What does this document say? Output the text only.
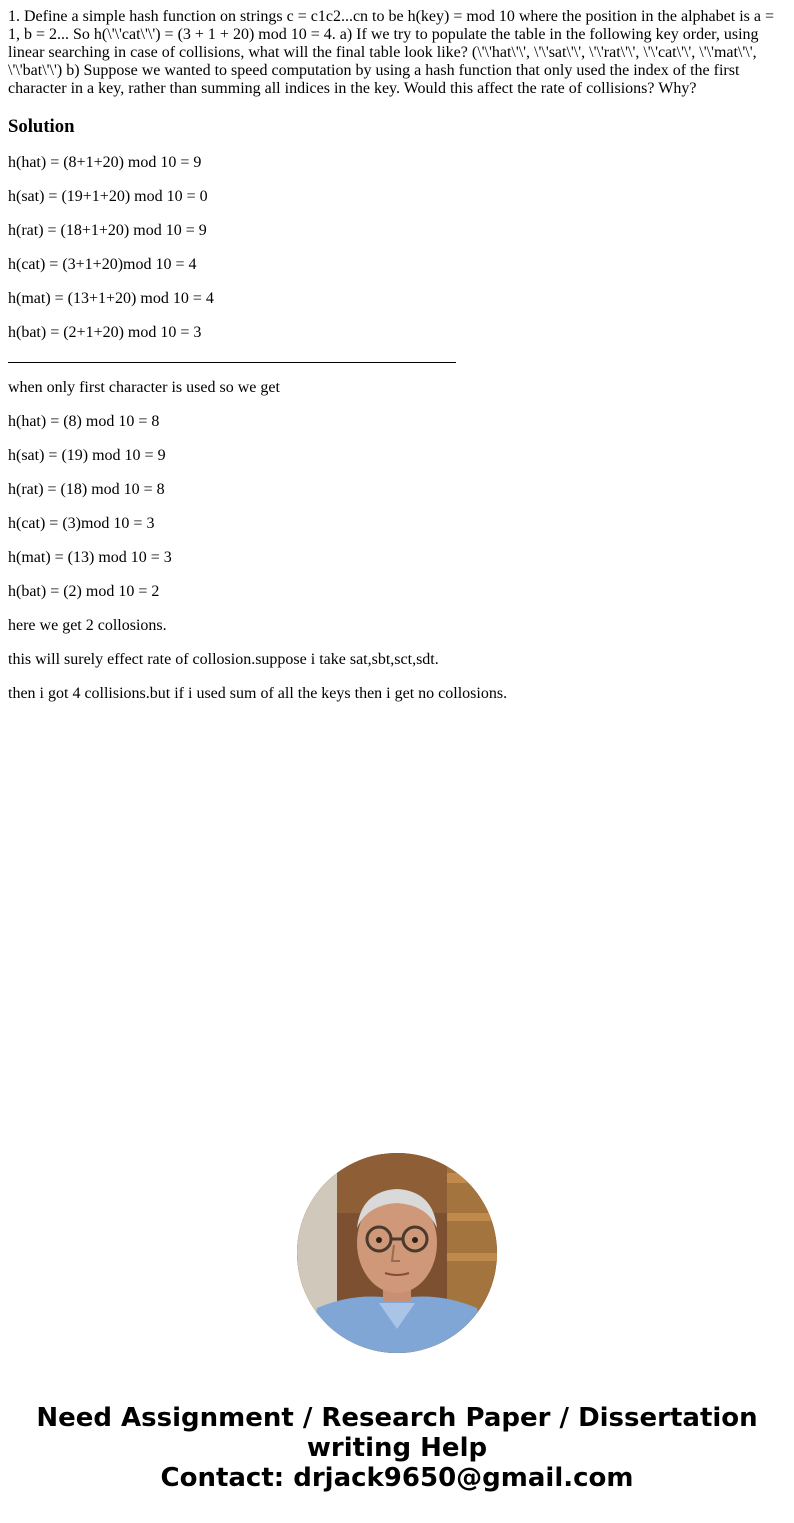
1. Define a simple hash function on strings c = c1c2...cn to be h(key) = mod 10 where the position in the alphabet is a = 1, b = 2... So h(\'\'cat\'\') = (3 + 1 + 20) mod 10 = 4. a) If we try to populate the table in the following key order, using linear searching in case of collisions, what will the final table look like? (\'\'hat\'\', \'\'sat\'\', \'\'rat\'\', \'\'cat\'\', \'\'mat\'\', \'\'bat\'\') b) Suppose we wanted to speed computation by using a hash function that only used the index of the first character in a key, rather than summing all indices in the key. Would this affect the rate of collisions? Why?

Solution

h(hat) = (8+1+20) mod 10 = 9

h(sat) = (19+1+20) mod 10 = 0

h(rat) = (18+1+20) mod 10 = 9

h(cat) = (3+1+20)mod 10 = 4

h(mat) = (13+1+20) mod 10 = 4

h(bat) = (2+1+20) mod 10 = 3

when only first character is used so we get

h(hat) = (8) mod 10 = 8

h(sat) = (19) mod 10 = 9

h(rat) = (18) mod 10 = 8

h(cat) = (3)mod 10 = 3

h(mat) = (13) mod 10 = 3

h(bat) = (2) mod 10 = 2

here we get 2 collosions.

this will surely effect rate of collosion.suppose i take sat,sbt,sct,sdt.

then i got 4 collisions.but if i used sum of all the keys then i get no collosions.

Need Assignment / Research Paper / Dissertation
writing Help
Contact: drjack9650@gmail.com
